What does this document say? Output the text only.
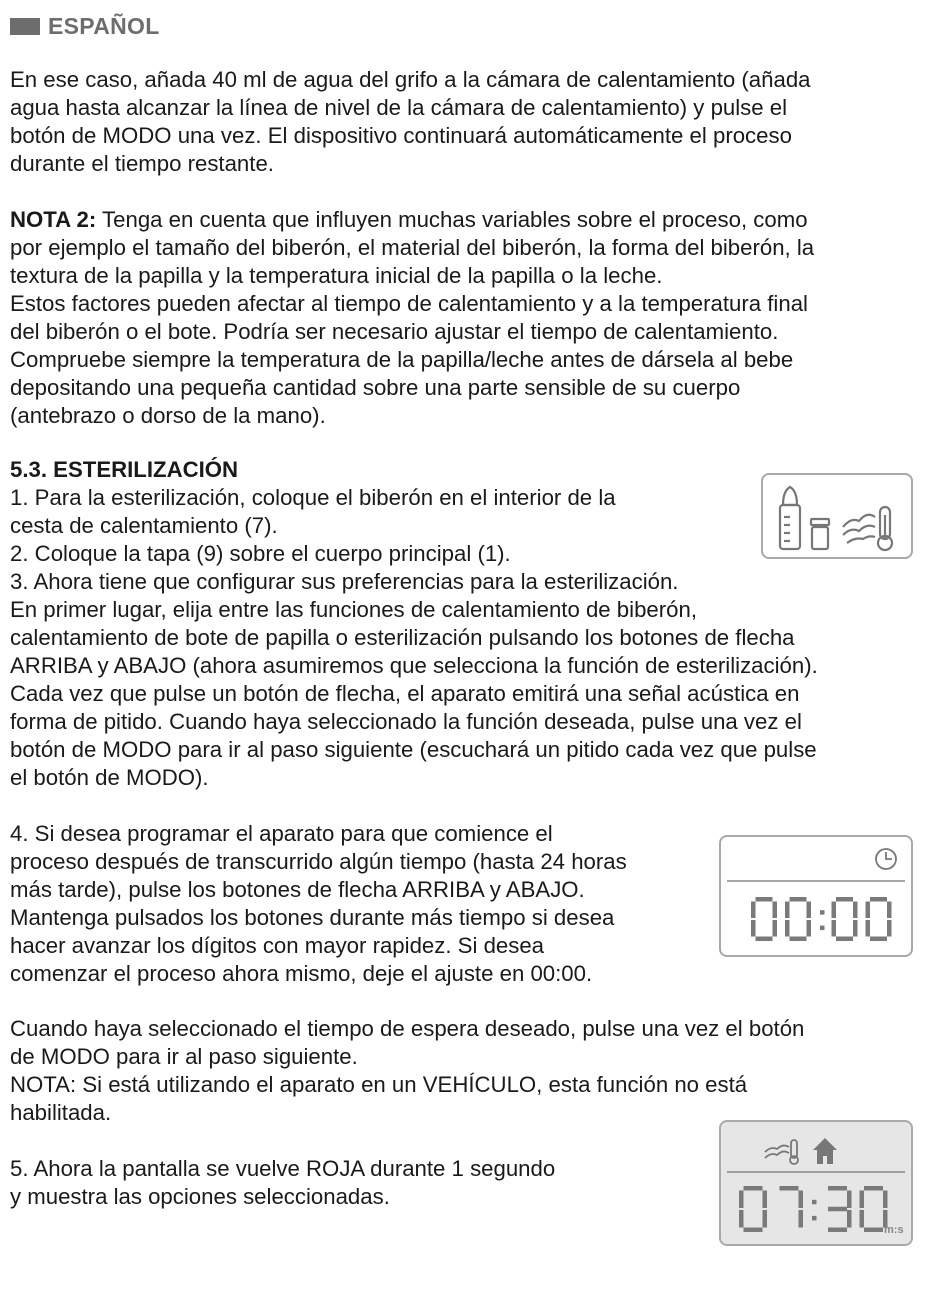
ESPAÑOL
En ese caso, añada 40 ml de agua del grifo a la cámara de calentamiento (añada
agua hasta alcanzar la línea de nivel de la cámara de calentamiento) y pulse el
botón de MODO una vez. El dispositivo continuará automáticamente el proceso
durante el tiempo restante.
NOTA 2: Tenga en cuenta que influyen muchas variables sobre el proceso, como
por ejemplo el tamaño del biberón, el material del biberón, la forma del biberón, la
textura de la papilla y la temperatura inicial de la papilla o la leche.
Estos factores pueden afectar al tiempo de calentamiento y a la temperatura final
del biberón o el bote. Podría ser necesario ajustar el tiempo de calentamiento.
Compruebe siempre la temperatura de la papilla/leche antes de dársela al bebe
depositando una pequeña cantidad sobre una parte sensible de su cuerpo
(antebrazo o dorso de la mano).
5.3. ESTERILIZACIÓN
1. Para la esterilización, coloque el biberón en el interior de la
cesta de calentamiento (7).
2. Coloque la tapa (9) sobre el cuerpo principal (1).
3. Ahora tiene que configurar sus preferencias para la esterilización.
En primer lugar, elija entre las funciones de calentamiento de biberón,
calentamiento de bote de papilla o esterilización pulsando los botones de flecha
ARRIBA y ABAJO (ahora asumiremos que selecciona la función de esterilización).
Cada vez que pulse un botón de flecha, el aparato emitirá una señal acústica en
forma de pitido. Cuando haya seleccionado la función deseada, pulse una vez el
botón de MODO para ir al paso siguiente (escuchará un pitido cada vez que pulse
el botón de MODO).
4. Si desea programar el aparato para que comience el
proceso después de transcurrido algún tiempo (hasta 24 horas
más tarde), pulse los botones de flecha ARRIBA y ABAJO.
Mantenga pulsados los botones durante más tiempo si desea
hacer avanzar los dígitos con mayor rapidez. Si desea
comenzar el proceso ahora mismo, deje el ajuste en 00:00.
Cuando haya seleccionado el tiempo de espera deseado, pulse una vez el botón
de MODO para ir al paso siguiente.
NOTA: Si está utilizando el aparato en un VEHÍCULO, esta función no está
habilitada.
5. Ahora la pantalla se vuelve ROJA durante 1 segundo
y muestra las opciones seleccionadas.
m:s
